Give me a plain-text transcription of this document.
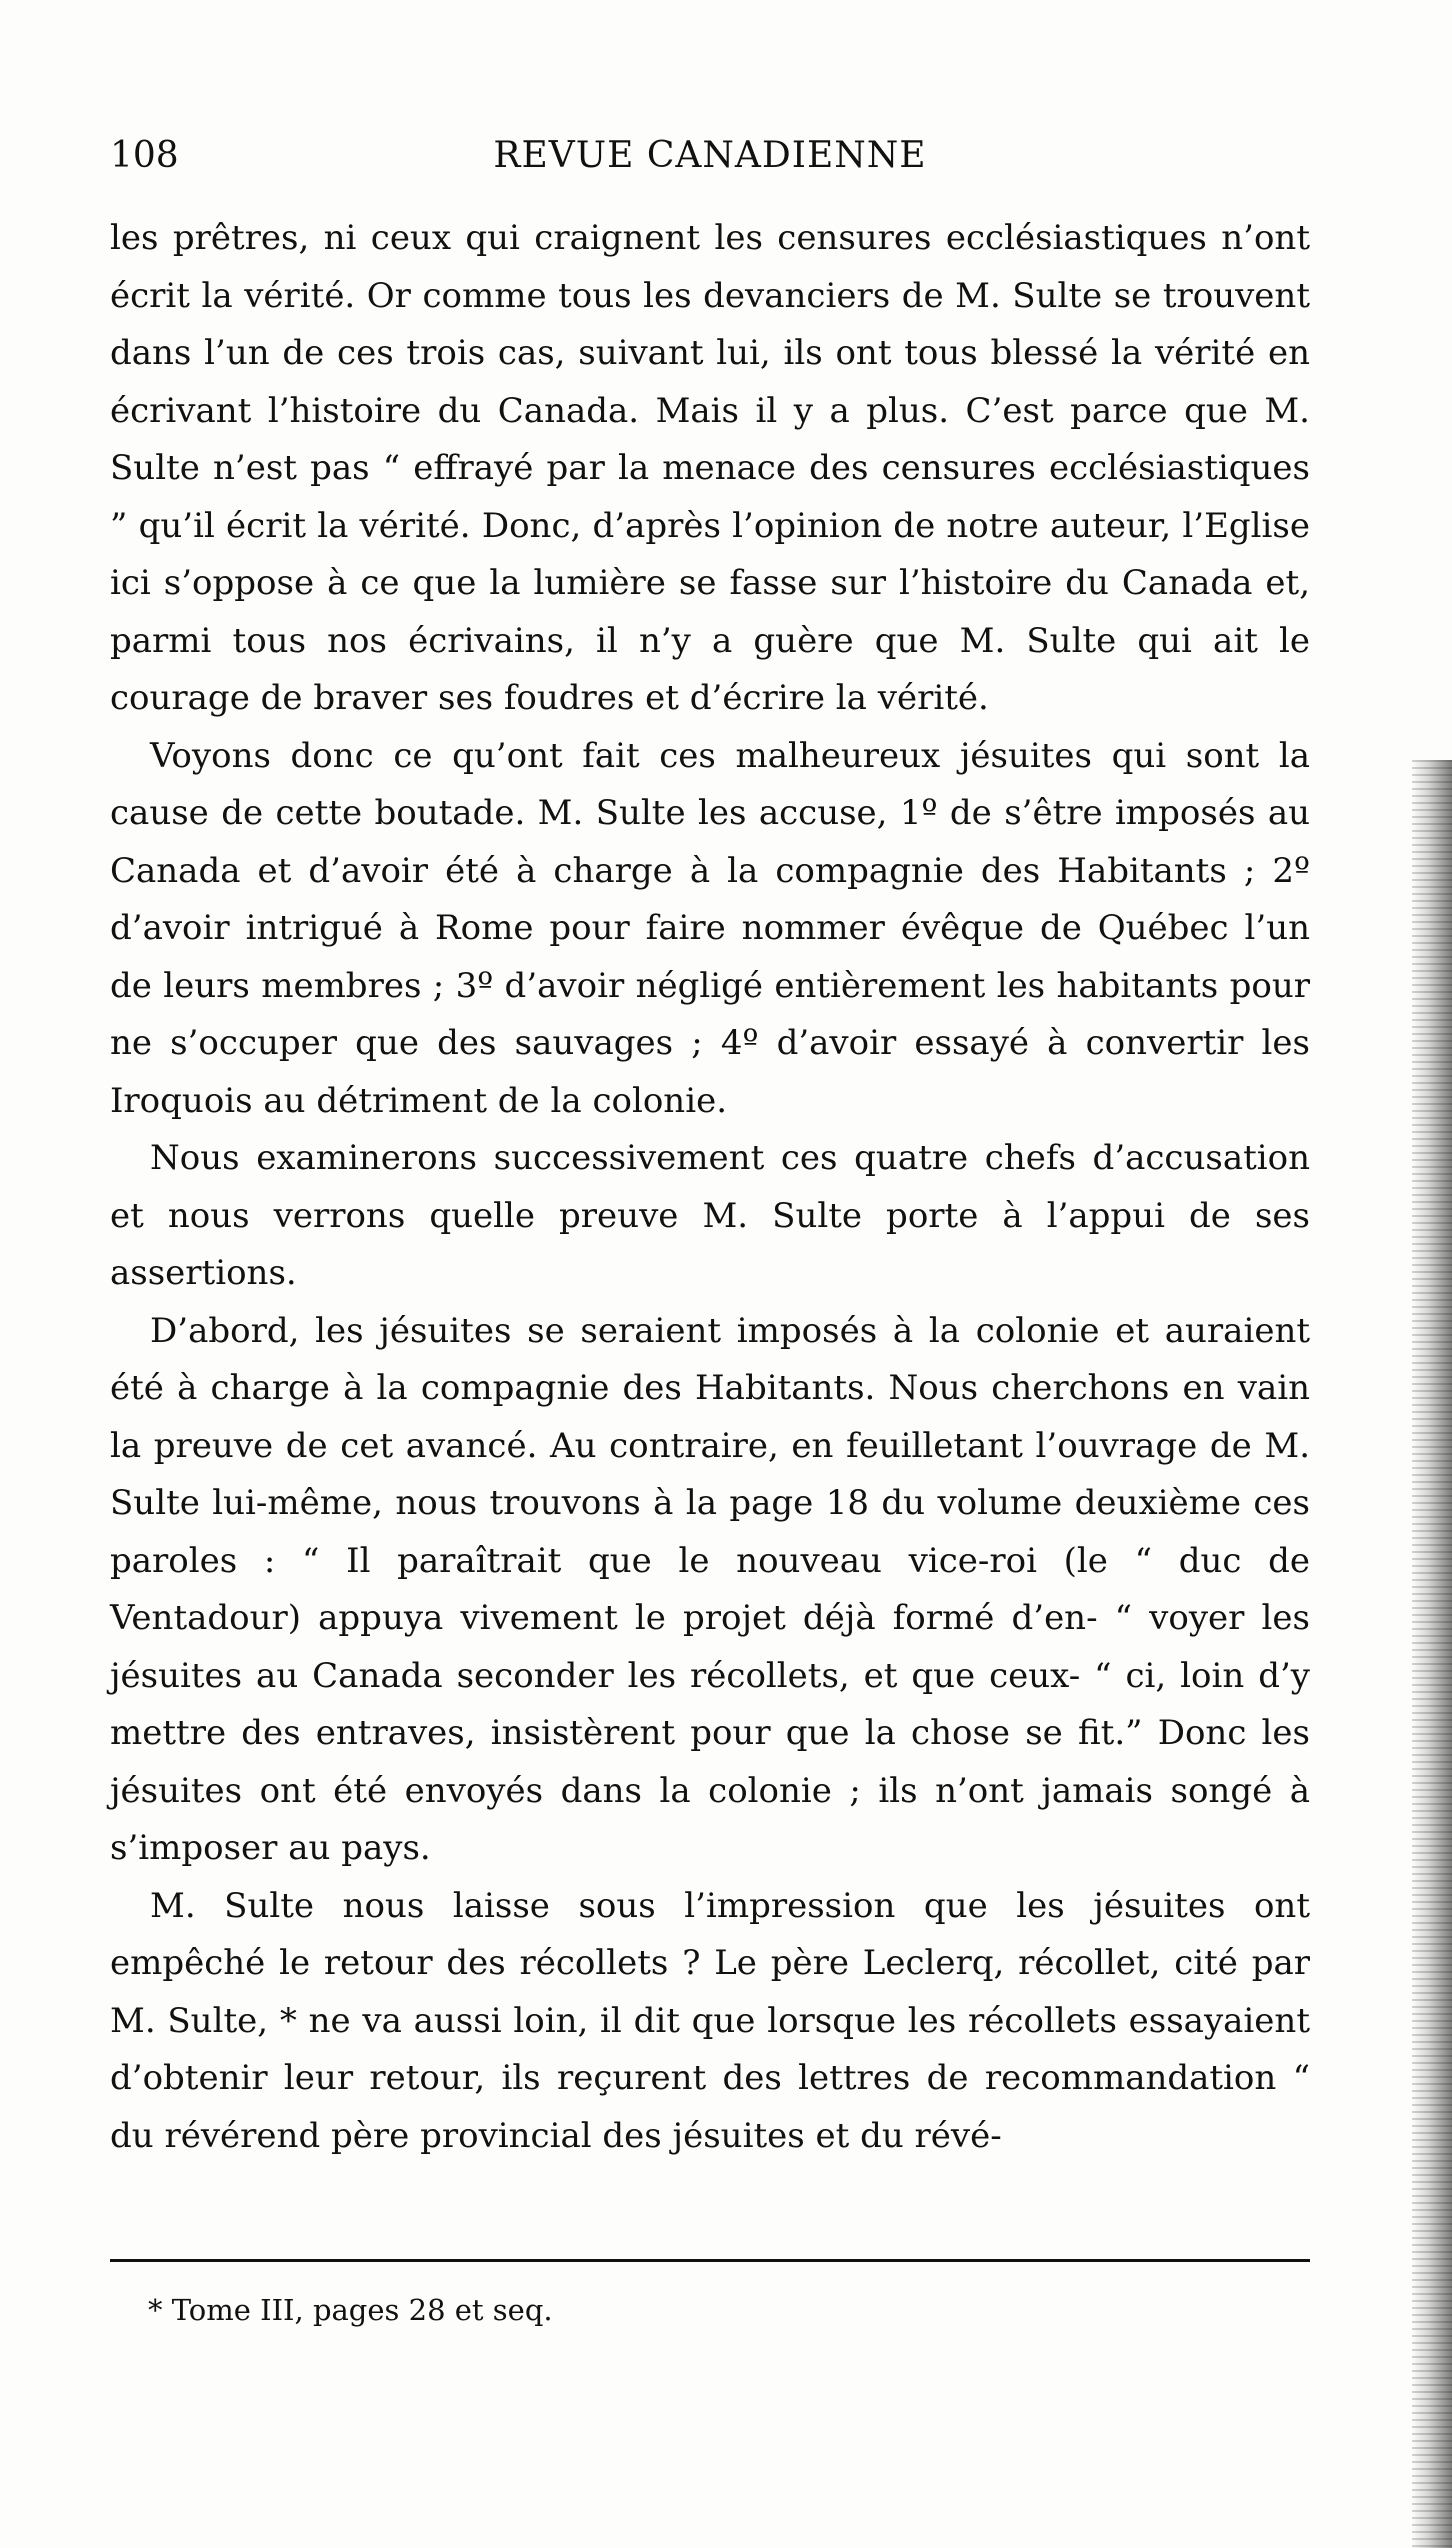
108	REVUE CANADIENNE

les prêtres, ni ceux qui craignent les censures ecclésiastiques n’ont écrit la vérité. Or comme tous les devanciers de M. Sulte se trouvent dans l’un de ces trois cas, suivant lui, ils ont tous blessé la vérité en écrivant l’histoire du Canada. Mais il y a plus. C’est parce que M. Sulte n’est pas “ effrayé par la menace des censures ecclésiastiques ” qu’il écrit la vérité. Donc, d’après l’opinion de notre auteur, l’Eglise ici s’oppose à ce que la lumière se fasse sur l’histoire du Canada et, parmi tous nos écrivains, il n’y a guère que M. Sulte qui ait le courage de braver ses foudres et d’écrire la vérité.

Voyons donc ce qu’ont fait ces malheureux jésuites qui sont la cause de cette boutade. M. Sulte les accuse, 1º de s’être imposés au Canada et d’avoir été à charge à la compagnie des Habitants ; 2º d’avoir intrigué à Rome pour faire nommer évêque de Québec l’un de leurs membres ; 3º d’avoir négligé entièrement les habitants pour ne s’occuper que des sauvages ; 4º d’avoir essayé à convertir les Iroquois au détriment de la colonie.

Nous examinerons successivement ces quatre chefs d’accusation et nous verrons quelle preuve M. Sulte porte à l’appui de ses assertions.

D’abord, les jésuites se seraient imposés à la colonie et auraient été à charge à la compagnie des Habitants. Nous cherchons en vain la preuve de cet avancé. Au contraire, en feuilletant l’ouvrage de M. Sulte lui-même, nous trouvons à la page 18 du volume deuxième ces paroles : “ Il paraîtrait que le nouveau vice-roi (le “ duc de Ventadour) appuya vivement le projet déjà formé d’en- “ voyer les jésuites au Canada seconder les récollets, et que ceux- “ ci, loin d’y mettre des entraves, insistèrent pour que la chose se fit.” Donc les jésuites ont été envoyés dans la colonie ; ils n’ont jamais songé à s’imposer au pays.

M. Sulte nous laisse sous l’impression que les jésuites ont empêché le retour des récollets ? Le père Leclerq, récollet, cité par M. Sulte, * ne va aussi loin, il dit que lorsque les récollets essayaient d’obtenir leur retour, ils reçurent des lettres de recommandation “ du révérend père provincial des jésuites et du révé-

* Tome III, pages 28 et seq.
